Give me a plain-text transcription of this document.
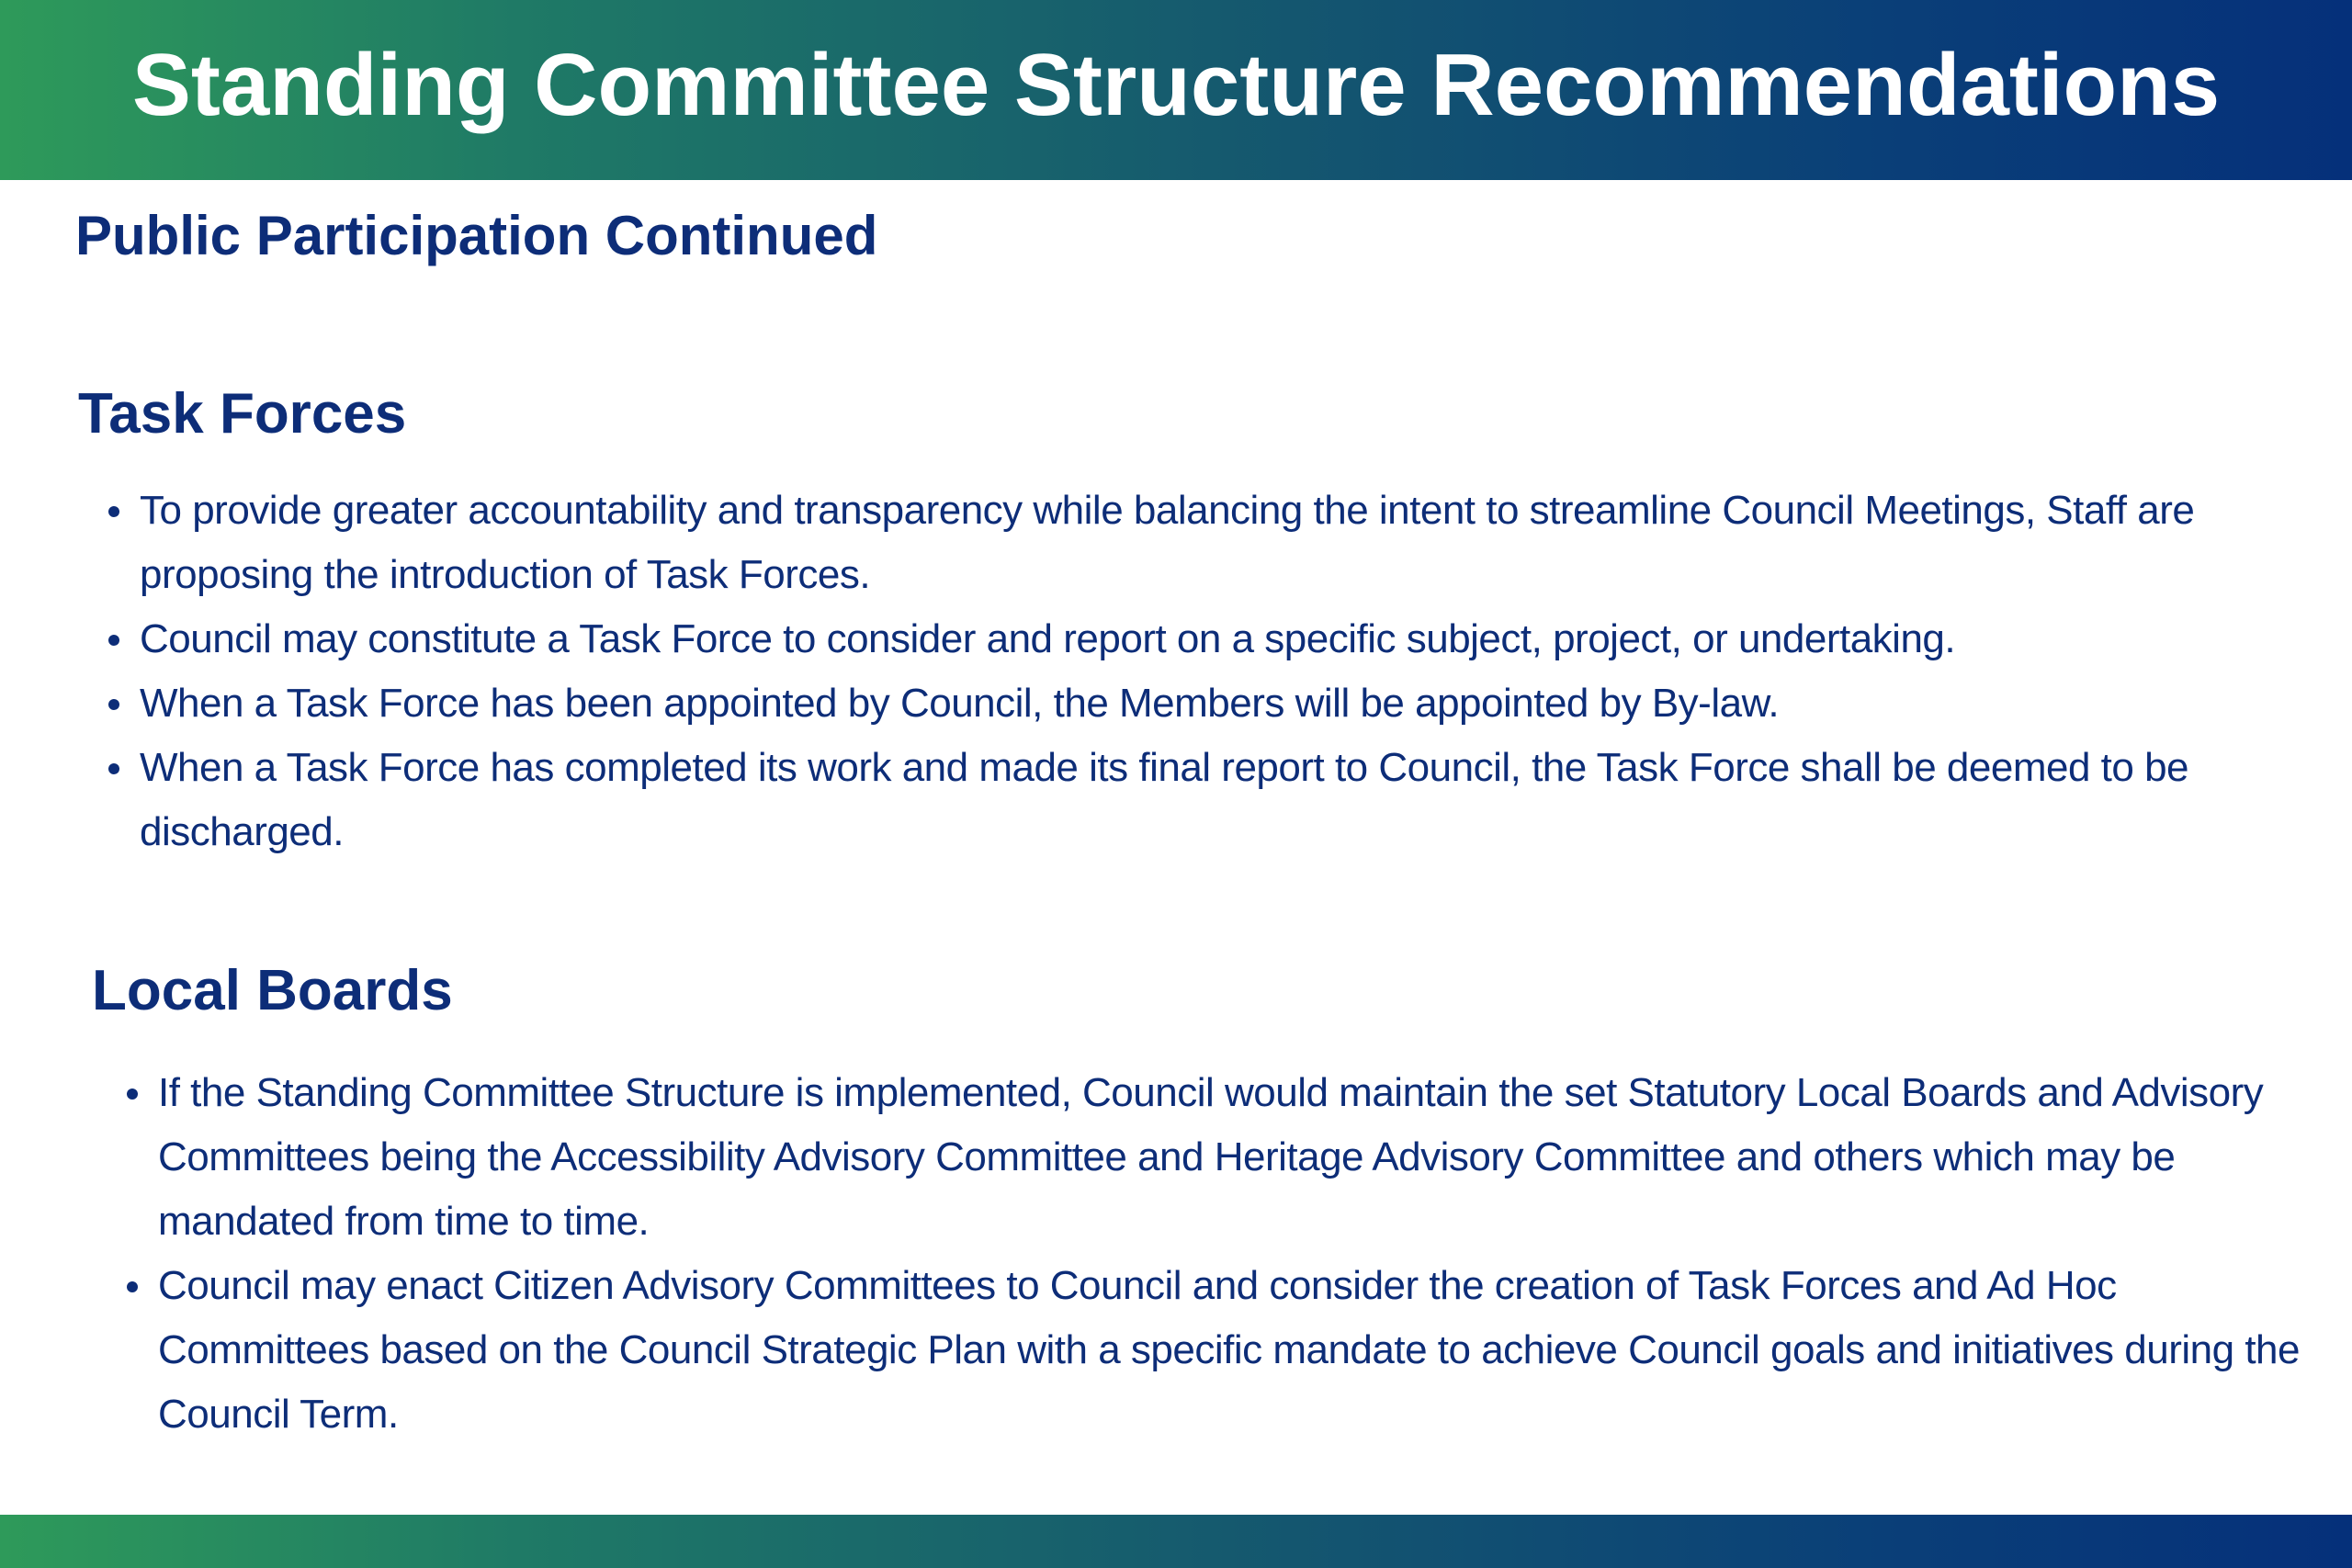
Standing Committee Structure Recommendations
Public Participation Continued
Task Forces
To provide greater accountability and transparency while balancing the intent to streamline Council Meetings, Staff are proposing the introduction of Task Forces.
Council may constitute a Task Force to consider and report on a specific subject, project, or undertaking.
When a Task Force has been appointed by Council, the Members will be appointed by By-law.
When a Task Force has completed its work and made its final report to Council, the Task Force shall be deemed to be discharged.
Local Boards
If the Standing Committee Structure is implemented, Council would maintain the set Statutory Local Boards and Advisory Committees being the Accessibility Advisory Committee and Heritage Advisory Committee and others which may be mandated from time to time.
Council may enact Citizen Advisory Committees to Council and consider the creation of Task Forces and Ad Hoc Committees based on the Council Strategic Plan with a specific mandate to achieve Council goals and initiatives during the Council Term.
